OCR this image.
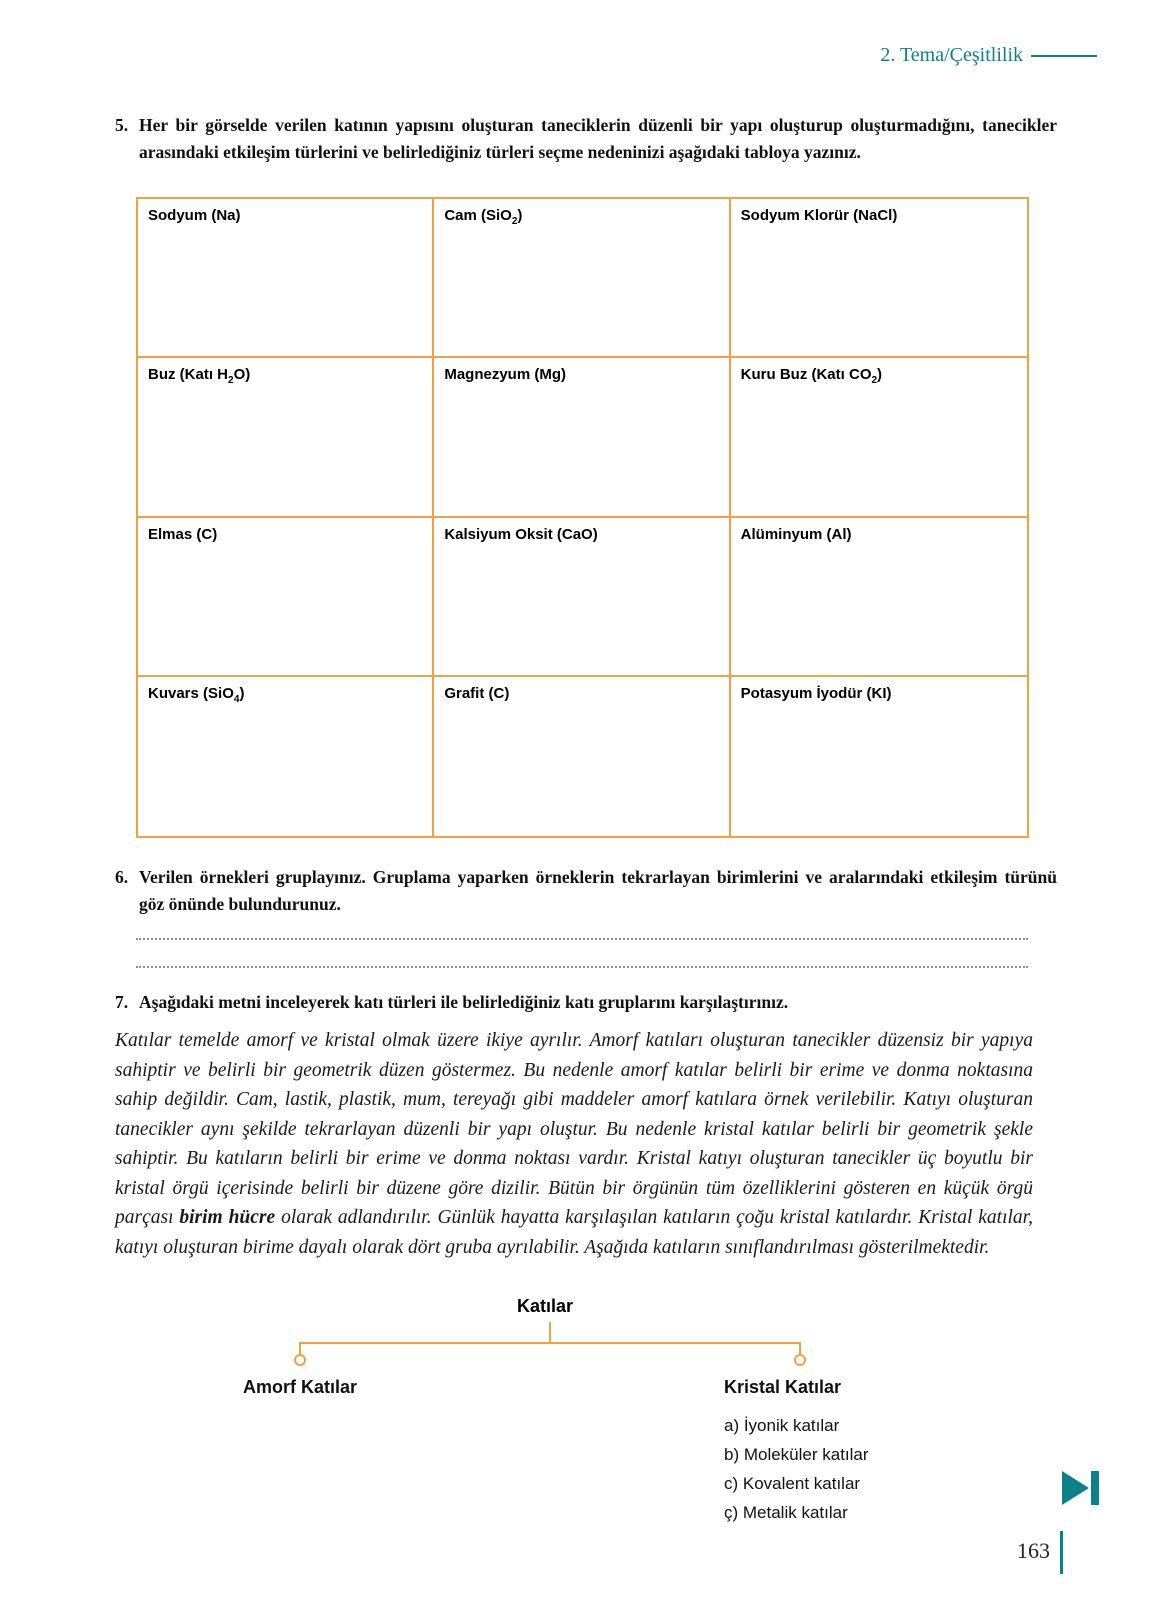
2. Tema/Çeşitlilik
5. Her bir görselde verilen katının yapısını oluşturan taneciklerin düzenli bir yapı oluşturup oluşturmadığını, tanecikler arasındaki etkileşim türlerini ve belirlediğiniz türleri seçme nedeninizi aşağıdaki tabloya yazınız.
Sodyum (Na)	Cam (SiO$_2$)	Sodyum Klorür (NaCl)
Buz (Katı $H_2O$)	Magnezyum (Mg)	Kuru Buz (Katı $CO_2$)
Elmas (C)	Kalsiyum Oksit (CaO)	Alüminyum (Al)
Kuvars (SiO$_4$)	Grafit (C)	Potasyum İyodür (KI)
6. Verilen örnekleri gruplayınız. Gruplama yaparken örneklerin tekrarlayan birimlerini ve aralarındaki etkileşim türünü göz önünde bulundurunuz.
7. Aşağıdaki metni inceleyerek katı türleri ile belirlediğiniz katı gruplarını karşılaştırınız.
Katılar temelde amorf ve kristal olmak üzere ikiye ayrılır. Amorf katıları oluşturan tanecikler düzensiz bir yapıya sahiptir ve belirli bir geometrik düzen göstermez. Bu nedenle amorf katılar belirli bir erime ve donma noktasına sahip değildir. Cam, lastik, plastik, mum, tereyağı gibi maddeler amorf katılara örnek verilebilir. Katıyı oluşturan tanecikler aynı şekilde tekrarlayan düzenli bir yapı oluştur. Bu nedenle kristal katılar belirli bir geometrik şekle sahiptir. Bu katıların belirli bir erime ve donma noktası vardır. Kristal katıyı oluşturan tanecikler üç boyutlu bir kristal örgü içerisinde belirli bir düzene göre dizilir. Bütün bir örgünün tüm özelliklerini gösteren en küçük örgü parçası birim hücre olarak adlandırılır. Günlük hayatta karşılaşılan katıların çoğu kristal katılardır. Kristal katılar, katıyı oluşturan birime dayalı olarak dört gruba ayrılabilir. Aşağıda katıların sınıflandırılması gösterilmektedir.
Katılar
Amorf Katılar	Kristal Katılar
a) İyonik katılar
b) Moleküler katılar
c) Kovalent katılar
ç) Metalik katılar
163
